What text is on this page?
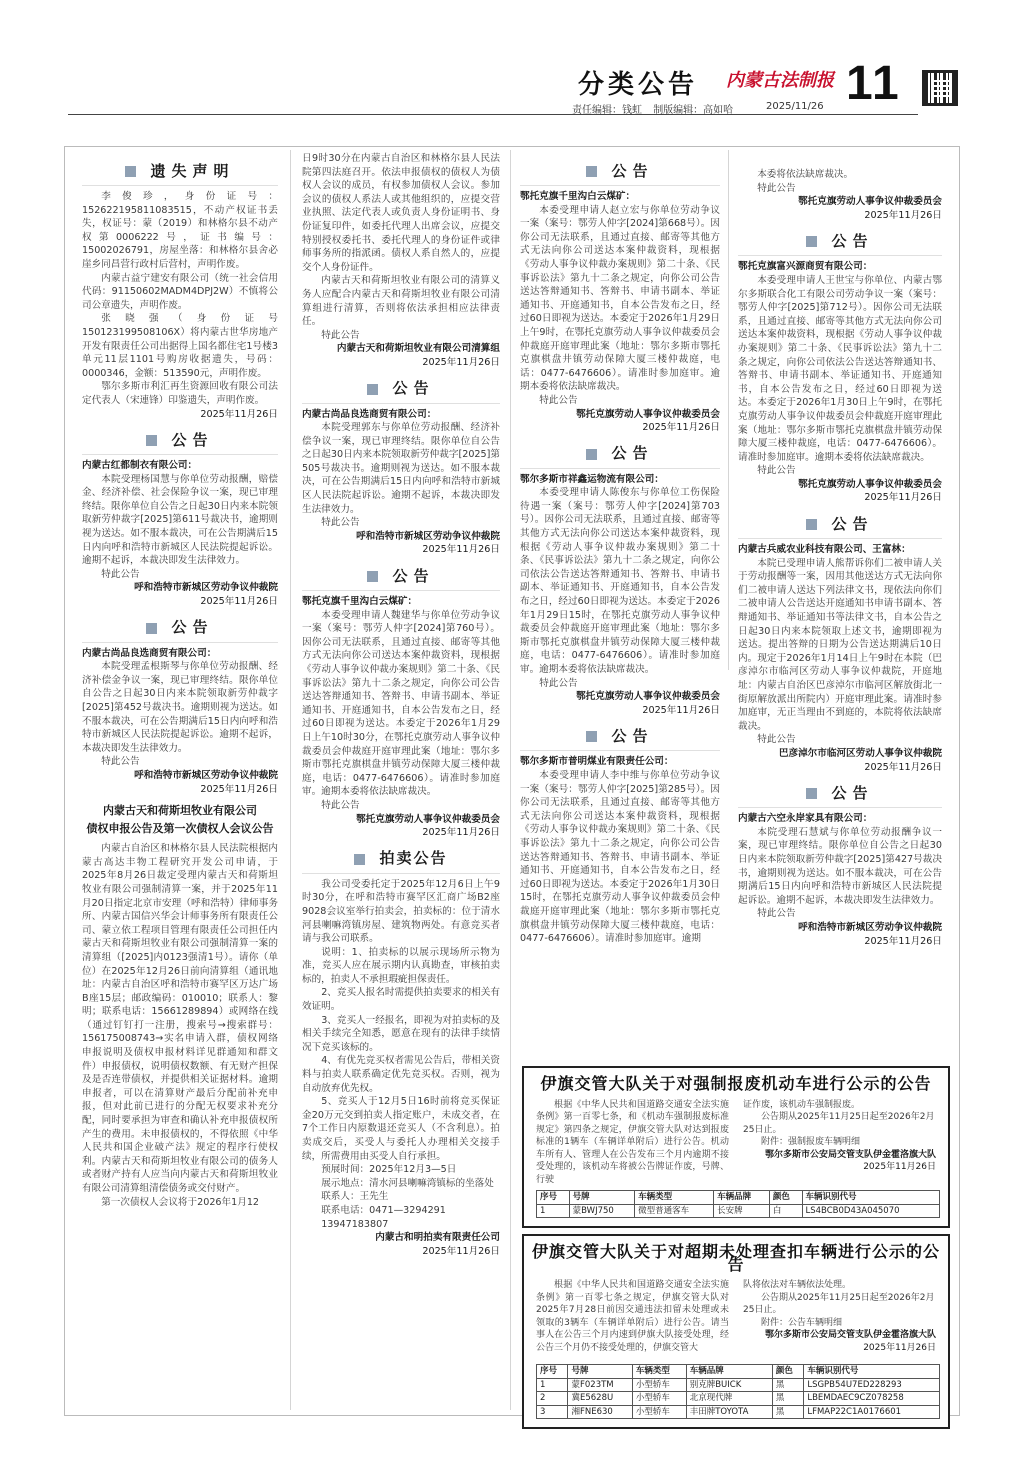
分类公告 内蒙古法制报 11
责任编辑：钱虹 制版编辑：高如哈	2025/11/26
遗失声明

李俊珍，身份证号：152622195811083515，不动产权证书丢失，权证号：蒙（2019）和林格尔县不动产权第0006222号，证书编号：15002026791，房屋坐落：和林格尔县舍必崖乡同昌营行政村后营村，声明作废。

内蒙古益宁建安有限公司（统一社会信用代码：91150602MADM4DPJ2W）不慎将公司公章遗失，声明作废。

张晓强（身份证号150123199508106X）将内蒙古世华房地产开发有限责任公司出据得上国名都住宅1号楼3单元11层1101号购房收据遗失，号码：0000346，金额：513590元，声明作废。

鄂尔多斯市利汇再生资源回收有限公司法定代表人（宋連锋）印鉴遗失，声明作废。

2025年11月26日

公告

内蒙古红都制衣有限公司：

本院受理杨国慧与你单位劳动报酬，赔偿金、经济补偿、社会保险争议一案，现已审理终结。限你单位自公告之日起30日内来本院领取新劳仲裁字[2025]第611号裁决书，逾期则视为送达。如不服本裁决，可在公告期满后15日内向呼和浩特市新城区人民法院提起诉讼。逾期不起诉，本裁决即发生法律效力。

特此公告

呼和浩特市新城区劳动争议仲裁院

2025年11月26日

公告

内蒙古尚品良选商贸有限公司：

本院受理孟根斯琴与你单位劳动报酬、经济补偿金争议一案，现已审理终结。限你单位自公告之日起30日内来本院领取新劳仲裁字[2025]第452号裁决书。逾期则视为送达。如不服本裁决，可在公告期满后15日内向呼和浩特市新城区人民法院提起诉讼。逾期不起诉，本裁决即发生法律效力。

特此公告

呼和浩特市新城区劳动争议仲裁院

2025年11月26日

内蒙古天和荷斯坦牧业有限公司
债权申报公告及第一次债权人会议公告

内蒙古自治区和林格尔县人民法院根据内蒙古高达丰物工程研究开发公司申请，于2025年8月26日裁定受理内蒙古天和荷斯坦牧业有限公司强制清算一案，并于2025年11月20日指定北京市安理（呼和浩特）律师事务所、内蒙古国信兴华会计师事务所有限责任公司、蒙立依工程项目管理有限责任公司担任内蒙古天和荷斯坦牧业有限公司强制清算一案的清算组（[2025]内0123强清1号）。请你（单位）在2025年12月26日前向清算组（通讯地址：内蒙古自治区呼和浩特市赛罕区万达广场B座15层；邮政编码：010010；联系人：黎明；联系电话：15661289894）或网络在线（通过钉钉打一注册，搜索号→搜索群号：156175008743→实名申请入群，债权网络申报说明及债权申报材料详见群通知和群文件）申报债权，说明债权数额、有无财产担保及是否连带债权，并提供相关证据材料。逾期申报者，可以在清算财产最后分配前补充申报，但对此前已进行的分配无权要求补充分配，同时要承担为审查和确认补充申报债权所产生的费用。未申报债权的，不得依照《中华人民共和国企业破产法》规定的程序行使权利。内蒙古天和荷斯坦牧业有限公司的债务人或者财产持有人应当向内蒙古天和荷斯坦牧业有限公司清算组清偿债务或交付财产。

第一次债权人会议将于2026年1月12

日9时30分在内蒙古自治区和林格尔县人民法院第四法庭召开。依法申报债权的债权人为债权人会议的成员，有权参加债权人会议。参加会议的债权人系法人或其他组织的，应提交营业执照、法定代表人或负责人身份证明书、身份证复印件，如委托代理人出席会议，应提交特别授权委托书、委托代理人的身份证件或律师事务所的指派函。债权人系自然人的，应提交个人身份证件。

内蒙古天和荷斯坦牧业有限公司的清算义务人应配合内蒙古天和荷斯坦牧业有限公司清算组进行清算，否则将依法承担相应法律责任。

特此公告

内蒙古天和荷斯坦牧业有限公司清算组

2025年11月26日

公告

内蒙古尚品良选商贸有限公司：

本院受理郭东与你单位劳动报酬、经济补偿争议一案，现已审理终结。限你单位自公告之日起30日内来本院领取新劳仲裁字[2025]第505号裁决书。逾期则视为送达。如不服本裁决，可在公告期满后15日内向呼和浩特市新城区人民法院起诉讼。逾期不起诉，本裁决即发生法律效力。

特此公告

呼和浩特市新城区劳动争议仲裁院

2025年11月26日

公告

鄂托克旗千里沟白云煤矿：

本委受理申请人魏建华与你单位劳动争议一案（案号：鄂劳人仲字[2024]第760号）。因你公司无法联系，且通过直接、邮寄等其他方式无法向你公司送达本案仲裁资料，现根据《劳动人事争议仲裁办案规则》第二十条、《民事诉讼法》第九十二条之规定，向你公司公告送达答辩通知书、答辩书、申请书副本、举证通知书、开庭通知书，自本公告发布之日，经过60日即视为送达。本委定于2026年1月29日上午10时30分，在鄂托克旗劳动人事争议仲裁委员会仲裁庭开庭审理此案（地址：鄂尔多斯市鄂托克旗棋盘井镇劳动保障大厦三楼仲裁庭，电话：0477-6476606）。请准时参加庭审。逾期本委将依法缺席裁决。

特此公告

鄂托克旗劳动人事争议仲裁委员会

2025年11月26日

拍卖公告

我公司受委托定于2025年12月6日上午9时30分，在呼和浩特市赛罕区汇商广场B2座9028会议室举行拍卖会，拍卖标的：位于清水河县喇嘛湾镇房屋、建筑物两处。有意竞买者请与我公司联系。

说明：1、拍卖标的以展示现场所示物为准，竞买人应在展示期内认真勘查，审核拍卖标的，拍卖人不承担瑕疵担保责任。

2、竞买人报名时需提供拍卖要求的相关有效证明。

3、竞买人一经报名，即视为对拍卖标的及相关手续完全知悉，愿意在现有的法律手续情况下竞买该标的。

4、有优先竞买权者需见公告后，带相关资料与拍卖人联系确定优先竞买权。否则，视为自动放弃优先权。

5、竞买人于12月5日16时前将竞买保证金20万元交到拍卖人指定账户，未成交者，在7个工作日内原数退还竞买人（不含利息）。拍卖成交后，买受人与委托人办理相关交接手续，所需费用由买受人自行承担。

预展时间：2025年12月3—5日

展示地点：清水河县喇嘛湾镇标的坐落处

联系人：王先生

联系电话：0471—3294291

13947183807

内蒙古和明拍卖有限责任公司

2025年11月26日

公告

鄂托克旗千里沟白云煤矿：

本委受理申请人赵立宏与你单位劳动争议一案（案号：鄂劳人仲字[2024]第668号）。因你公司无法联系，且通过直接、邮寄等其他方式无法向你公司送达本案仲裁资料，现根据《劳动人事争议仲裁办案规则》第二十条、《民事诉讼法》第九十二条之规定，向你公司公告送达答辩通知书、答辩书、申请书副本、举证通知书、开庭通知书，自本公告发布之日，经过60日即视为送达。本委定于2026年1月29日上午9时，在鄂托克旗劳动人事争议仲裁委员会仲裁庭开庭审理此案（地址：鄂尔多斯市鄂托克旗棋盘井镇劳动保障大厦三楼仲裁庭，电话：0477-6476606）。请准时参加庭审。逾期本委将依法缺席裁决。

特此公告

鄂托克旗劳动人事争议仲裁委员会

2025年11月26日

公告

鄂尔多斯市祥鑫运物流有限公司：

本委受理申请人陈俊东与你单位工伤保险待遇一案（案号：鄂劳人仲字[2024]第703号）。因你公司无法联系，且通过直接、邮寄等其他方式无法向你公司送达本案仲裁资料，现根据《劳动人事争议仲裁办案规则》第二十条、《民事诉讼法》第九十二条之规定，向你公司依法公告送达答辩通知书、答辩书、申请书副本、举证通知书、开庭通知书，自本公告发布之日，经过60日即视为送达。本委定于2026年1月29日15时，在鄂托克旗劳动人事争议仲裁委员会仲裁庭开庭审理此案（地址：鄂尔多斯市鄂托克旗棋盘井镇劳动保障大厦三楼仲裁庭，电话：0477-6476606）。请准时参加庭审。逾期本委将依法缺席裁决。

特此公告

鄂托克旗劳动人事争议仲裁委员会

2025年11月26日

公告

鄂尔多斯市普明煤业有限责任公司：

本委受理申请人李中维与你单位劳动争议一案（案号：鄂劳人仲字[2025]第285号）。因你公司无法联系，且通过直接、邮寄等其他方式无法向你公司送达本案仲裁资料，现根据《劳动人事争议仲裁办案规则》第二十条、《民事诉讼法》第九十二条之规定，向你公司公告送达答辩通知书、答辩书、申请书副本、举证通知书、开庭通知书，自本公告发布之日，经过60日即视为送达。本委定于2026年1月30日15时，在鄂托克旗劳动人事争议仲裁委员会仲裁庭开庭审理此案（地址：鄂尔多斯市鄂托克旗棋盘井镇劳动保障大厦三楼仲裁庭，电话：0477-6476606）。请准时参加庭审。逾期

本委将依法缺席裁决。

特此公告

鄂托克旗劳动人事争议仲裁委员会

2025年11月26日

公告

鄂托克旗富兴源商贸有限公司：

本委受理申请人王世宝与你单位、内蒙古鄂尔多斯联合化工有限公司劳动争议一案（案号：鄂劳人仲字[2025]第712号）。因你公司无法联系，且通过直接、邮寄等其他方式无法向你公司送达本案仲裁资料，现根据《劳动人事争议仲裁办案规则》第二十条、《民事诉讼法》第九十二条之规定，向你公司依法公告送达答辩通知书、答辩书、申请书副本、举证通知书、开庭通知书，自本公告发布之日，经过60日即视为送达。本委定于2026年1月30日上午9时，在鄂托克旗劳动人事争议仲裁委员会仲裁庭开庭审理此案（地址：鄂尔多斯市鄂托克旗棋盘井镇劳动保障大厦三楼仲裁庭，电话：0477-6476606）。请准时参加庭审。逾期本委将依法缺席裁决。

特此公告

鄂托克旗劳动人事争议仲裁委员会

2025年11月26日

公告

内蒙古兵威农业科技有限公司、王富林：

本院已受理申请人熊帮诉你们二被申请人关于劳动报酬等一案，因用其他送达方式无法向你们二被申请人送达下列法律文书，现依法向你们二被申请人公告送达开庭通知书申请书副本、答辩通知书、举证通知书等法律文书，自本公告之日起30日内来本院领取上述文书，逾期即视为送达。提出答辩的日期为公告送达期满后10日内。现定于2026年1月14日上午9时在本院（巴彦淖尔市临河区劳动人事争议仲裁院，开庭地址：内蒙古自治区巴彦淖尔市临河区解放街北一街原解放派出所院内）开庭审理此案。请准时参加庭审，无正当理由不到庭的，本院将依法缺席裁决。

特此公告

巴彦淖尔市临河区劳动人事争议仲裁院

2025年11月26日

公告

内蒙古六空永岸家具有限公司：

本院受理石慧斌与你单位劳动报酬争议一案，现已审理终结。限你单位自公告之日起30日内来本院领取新劳仲裁字[2025]第427号裁决书，逾期则视为送达。如不服本裁决，可在公告期满后15日内向呼和浩特市新城区人民法院提起诉讼。逾期不起诉，本裁决即发生法律效力。

特此公告

呼和浩特市新城区劳动争议仲裁院

2025年11月26日

伊旗交管大队关于对强制报废机动车进行公示的公告

根据《中华人民共和国道路交通安全法实施条例》第一百零七条，和《机动车强制报废标准规定》第四条之规定，伊旗交管大队对达到报废标准的1辆车（车辆详单附后）进行公告。机动车所有人、管理人在公告发布三个月内逾期不接受处理的，该机动车将被公告牌证作废，号牌、行驶

证作废，该机动车强制报废。

公告期从2025年11月25日起至2026年2月25日止。

附件：强制报废车辆明细

鄂尔多斯市公安局交管支队伊金霍洛旗大队

2025年11月26日

序号	号牌	车辆类型	车辆品牌	颜色	车辆识别代号
1	蒙BWJ750	微型普通客车	长安牌	白	LS4BCB0D43A045070
伊旗交管大队关于对超期未处理查扣车辆进行公示的公告

根据《中华人民共和国道路交通安全法实施条例》第一百零七条之规定，伊旗交管大队对2025年7月28日前因交通违法扣留未处理或未领取的3辆车（车辆详单附后）进行公告。请当事人在公告三个月内速到伊旗大队接受处理，经公告三个月仍不接受处理的，伊旗交管大

队将依法对车辆依法处理。

公告期从2025年11月25日起至2026年2月25日止。

附件：公告车辆明细

鄂尔多斯市公安局交管支队伊金霍洛旗大队

2025年11月26日

序号	号牌	车辆类型	车辆品牌	颜色	车辆识别代号
1	蒙F023TM	小型轿车	别克牌BUICK	黑	LSGPB54U7ED228293
2	冀E5628U	小型轿车	北京现代牌	黑	LBEMDAEC9CZ078258
3	湘FNE630	小型轿车	丰田牌TOYOTA	黑	LFMAP22C1A0176601
